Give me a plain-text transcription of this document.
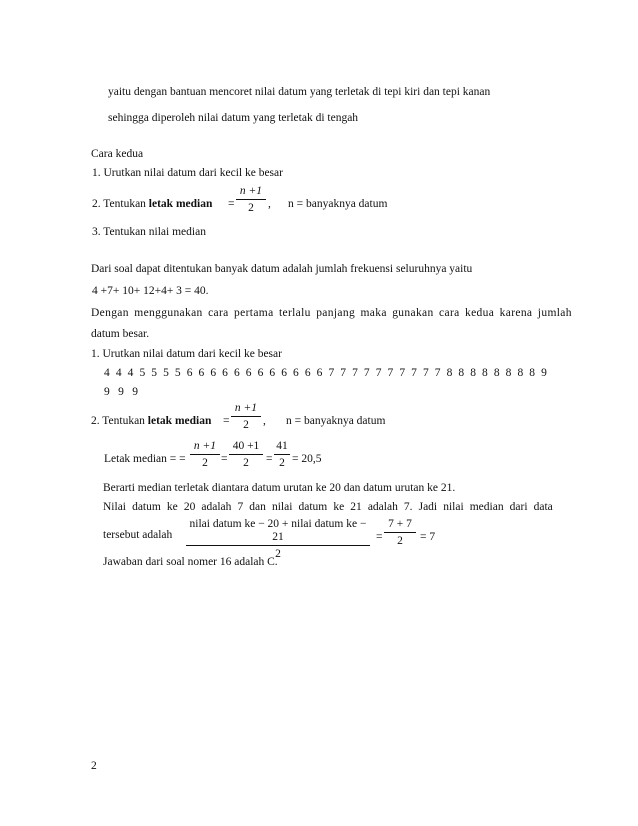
yaitu dengan bantuan mencoret nilai datum yang terletak di tepi kiri dan tepi kanan
sehingga diperoleh nilai datum yang terletak di tengah
Cara kedua
1. Urutkan nilai datum dari kecil ke besar
2. Tentukan letak median =
n +1
2	, n = banyaknya datum
3. Tentukan nilai median
Dari soal dapat ditentukan banyak datum adalah jumlah frekuensi seluruhnya yaitu
4 +7+ 10+ 12+4+ 3 = 40.
Dengan menggunakan cara pertama terlalu panjang maka gunakan cara kedua karena jumlah
datum besar.
1. Urutkan nilai datum dari kecil ke besar
4 4 4 5 5 5 5 6 6 6 6 6 6 6 6 6 6 6 6 7 7 7 7 7 7 7 7 7 7 8 8 8 8 8 8 8 8 9
9 9 9
2. Tentukan letak median =
n +1
2	, n = banyaknya datum
Letak median = =
n +1
2	=
40 +1
2	=
41
2 = 20,5
Berarti median terletak diantara datum urutan ke 20 dan datum urutan ke 21.
Nilai datum ke 20 adalah 7 dan nilai datum ke 21 adalah 7. Jadi nilai median dari data
tersebut adalah
nilai datum ke − 20 + nilai datum ke − 21
2
=
7 + 7
2	= 7
Jawaban dari soal nomer 16 adalah C.
2
